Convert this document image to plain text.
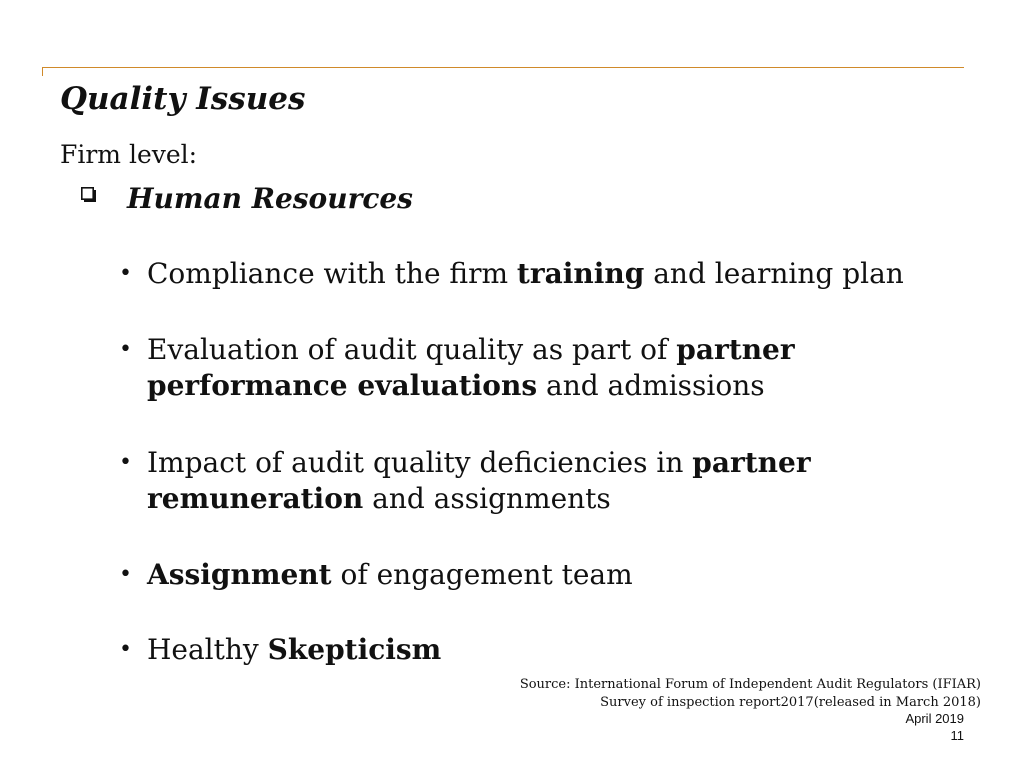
Quality Issues
Firm level:
Human Resources
• Compliance with the firm training and learning plan
• Evaluation of audit quality as part of partner performance evaluations and admissions
• Impact of audit quality deficiencies in partner remuneration and assignments
• Assignment of engagement team
• Healthy Skepticism
Source: International Forum of Independent Audit Regulators (IFIAR)
Survey of inspection report2017(released in March 2018)
April 2019
11
